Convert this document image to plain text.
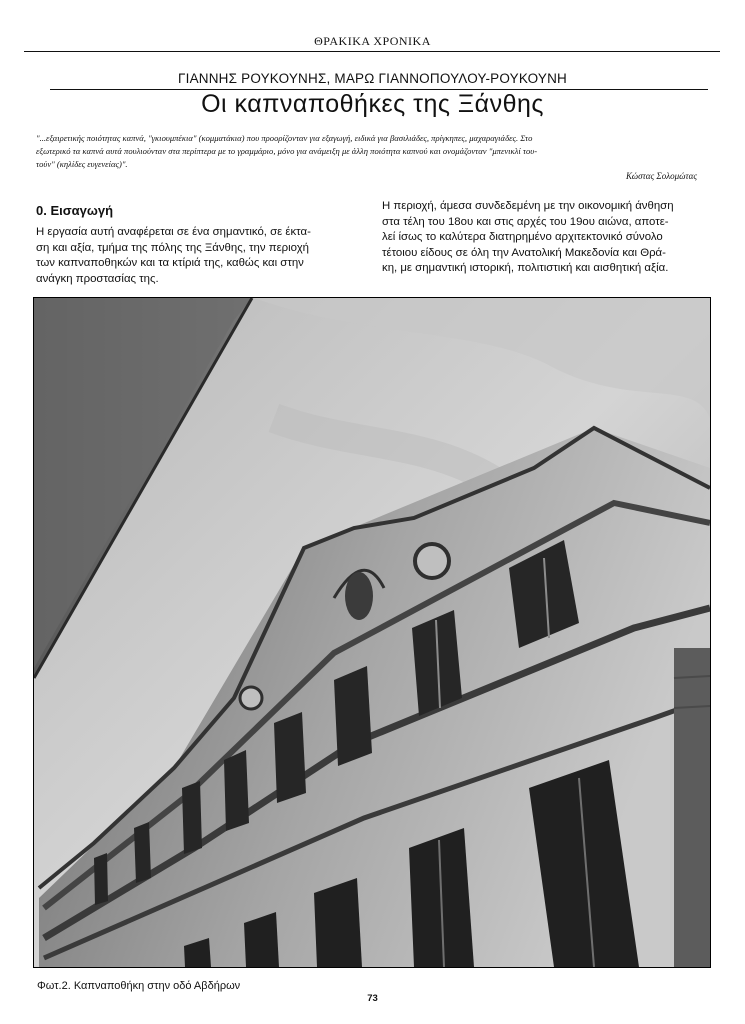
ΘΡΑΚΙΚΑ ΧΡΟΝΙΚΑ
ΓΙΑΝΝΗΣ ΡΟΥΚΟΥΝΗΣ, ΜΑΡΩ ΓΙΑΝΝΟΠΟΥΛΟΥ-ΡΟΥΚΟΥΝΗ
Οι καπναποθήκες της Ξάνθης
"...εξαιρετικής ποιότητας καπνά, "γκιουμπέκια" (κομματάκια) που προορίζονταν για εξαγωγή, ειδικά για βασιλιάδες, πρίγκηπες, μαχαραγιάδες. Στο
εξωτερικό τα καπνά αυτά πουλιούνταν στα περίπτερα με το γραμμάριο, μόνο για ανάμειξη με άλλη ποιότητα καπνού και ονομάζονταν "μπενικλί του-
τούν" (κηλίδες ευγενείας)".
Κώστας Σολομώτας
0. Εισαγωγή
Η εργασία αυτή αναφέρεται σε ένα σημαντικό, σε έκτα-
ση και αξία, τμήμα της πόλης της Ξάνθης, την περιοχή
των καπναποθηκών και τα κτίριά της, καθώς και στην
ανάγκη προστασίας της.
Η περιοχή, άμεσα συνδεδεμένη με την οικονομική άνθηση
στα τέλη του 18ου και στις αρχές του 19ου αιώνα, αποτε-
λεί ίσως το καλύτερα διατηρημένο αρχιτεκτονικό σύνολο
τέτοιου είδους σε όλη την Ανατολική Μακεδονία και Θρά-
κη, με σημαντική ιστορική, πολιτιστική και αισθητική αξία.
Φωτ.2. Καπναποθήκη στην οδό Αβδήρων
73
